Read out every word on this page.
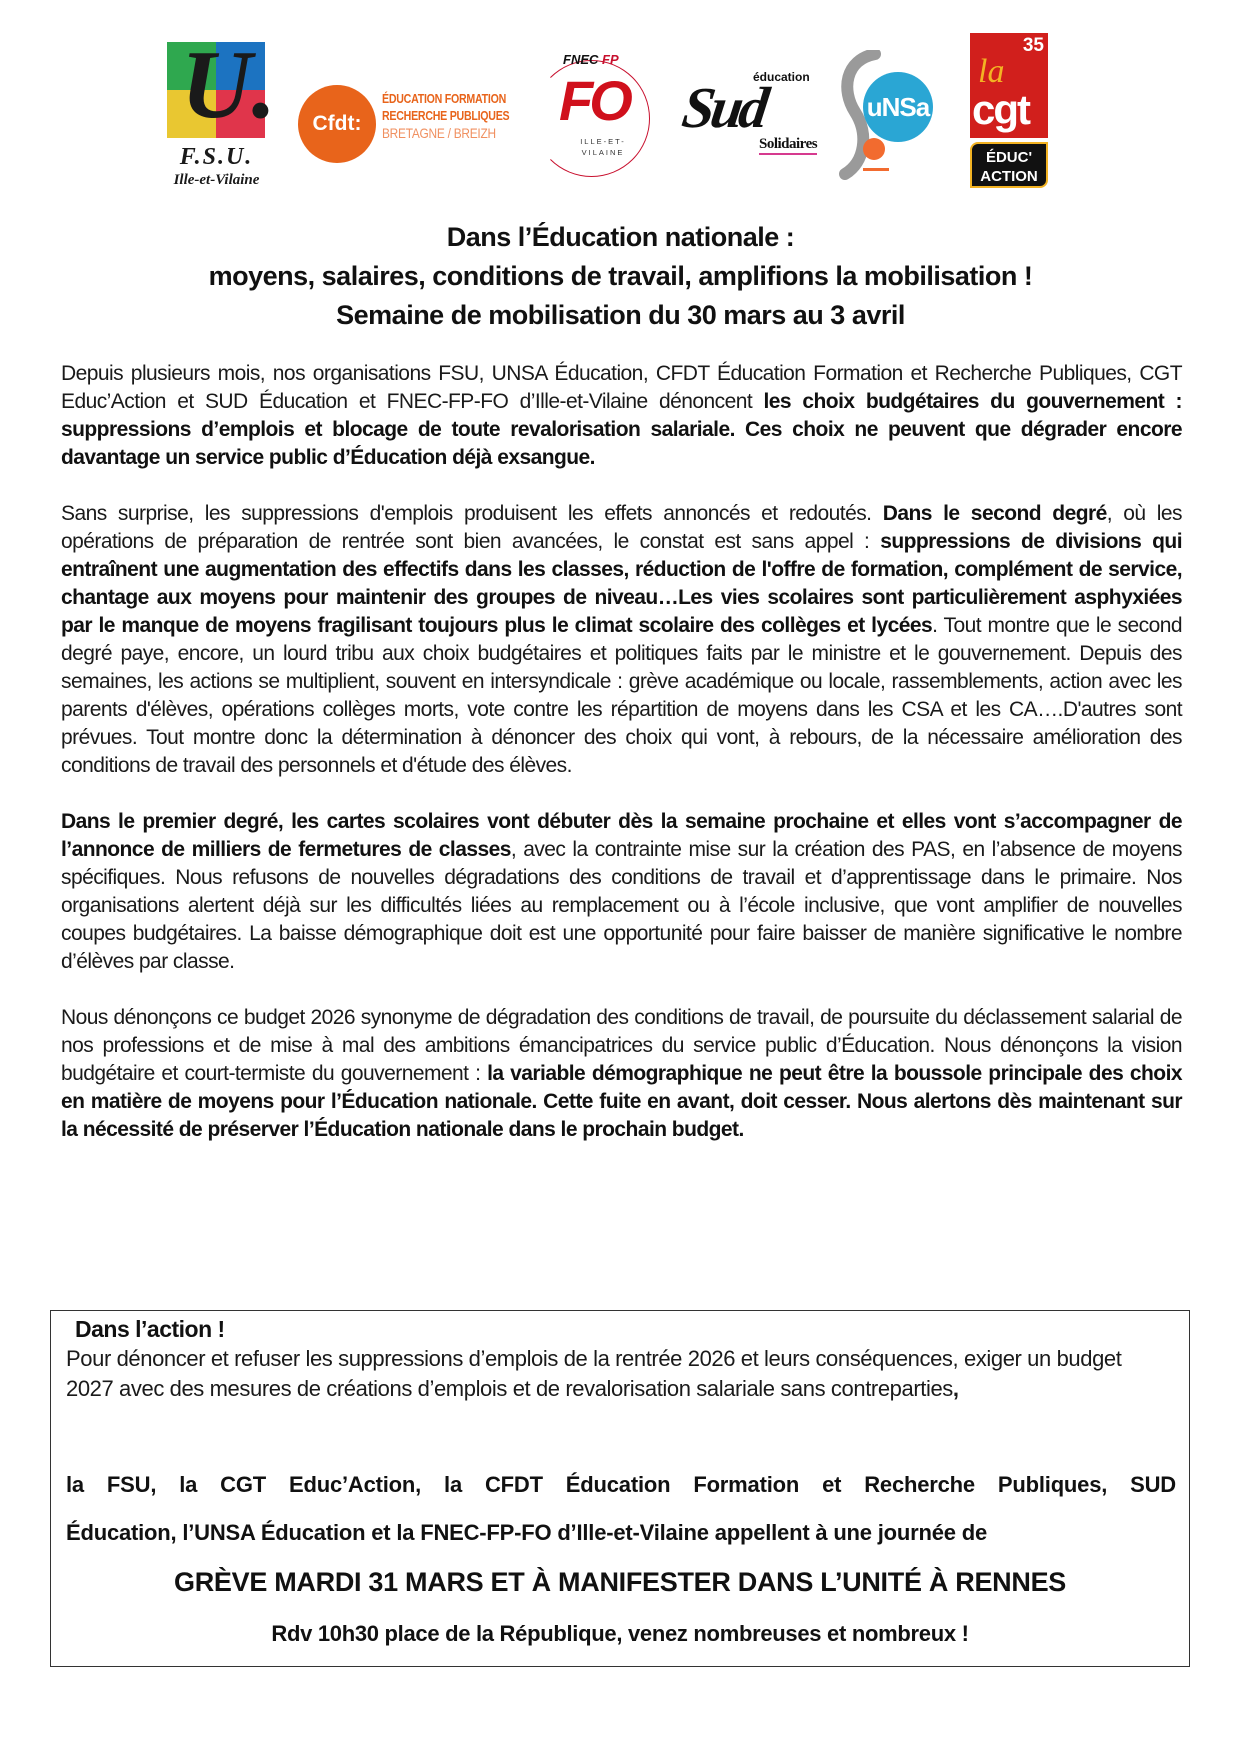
U.
F.S.U.
Ille-et-Vilaine
Cfdt:
ÉDUCATION FORMATION
RECHERCHE PUBLIQUES
BRETAGNE / BREIZH
FNEC FP
FO
ILLE-ET-
VILAINE
Sud
éducation
Solidaires
uNSa
35
la
cgt
ÉDUC'
ACTION
Dans l’Éducation nationale :
moyens, salaires, conditions de travail, amplifions la mobilisation !
Semaine de mobilisation du 30 mars au 3 avril

Depuis plusieurs mois, nos organisations FSU, UNSA Éducation, CFDT Éducation Formation et Recherche Publiques, CGT Educ’Action et SUD Éducation et FNEC-FP-FO d’Ille-et-Vilaine dénoncent les choix budgétaires du gouvernement : suppressions d’emplois et blocage de toute revalorisation salariale. Ces choix ne peuvent que dégrader encore davantage un service public d’Éducation déjà exsangue.

Sans surprise, les suppressions d'emplois produisent les effets annoncés et redoutés. Dans le second degré, où les opérations de préparation de rentrée sont bien avancées, le constat est sans appel : suppressions de divisions qui entraînent une augmentation des effectifs dans les classes, réduction de l'offre de formation, complément de service, chantage aux moyens pour maintenir des groupes de niveau…Les vies scolaires sont particulièrement asphyxiées par le manque de moyens fragilisant toujours plus le climat scolaire des collèges et lycées. Tout montre que le second degré paye, encore, un lourd tribu aux choix budgétaires et politiques faits par le ministre et le gouvernement. Depuis des semaines, les actions se multiplient, souvent en intersyndicale : grève académique ou locale, rassemblements, action avec les parents d'élèves, opérations collèges morts, vote contre les répartition de moyens dans les CSA et les CA….D'autres sont prévues. Tout montre donc la détermination à dénoncer des choix qui vont, à rebours, de la nécessaire amélioration des conditions de travail des personnels et d'étude des élèves.

Dans le premier degré, les cartes scolaires vont débuter dès la semaine prochaine et elles vont s’accompagner de l’annonce de milliers de fermetures de classes, avec la contrainte mise sur la création des PAS, en l’absence de moyens spécifiques. Nous refusons de nouvelles dégradations des conditions de travail et d’apprentissage dans le primaire. Nos organisations alertent déjà sur les difficultés liées au remplacement ou à l’école inclusive, que vont amplifier de nouvelles coupes budgétaires. La baisse démographique doit est une opportunité pour faire baisser de manière significative le nombre d’élèves par classe.

Nous dénonçons ce budget 2026 synonyme de dégradation des conditions de travail, de poursuite du déclassement salarial de nos professions et de mise à mal des ambitions émancipatrices du service public d’Éducation. Nous dénonçons la vision budgétaire et court-termiste du gouvernement : la variable démographique ne peut être la boussole principale des choix en matière de moyens pour l’Éducation nationale. Cette fuite en avant, doit cesser. Nous alertons dès maintenant sur la nécessité de préserver l’Éducation nationale dans le prochain budget.

Dans l’action !
Pour dénoncer et refuser les suppressions d’emplois de la rentrée 2026 et leurs conséquences, exiger un budget 2027 avec des mesures de créations d’emplois et de revalorisation salariale sans contreparties,
la FSU, la CGT Educ’Action, la CFDT Éducation Formation et Recherche Publiques, SUD
Éducation, l’UNSA Éducation et la FNEC-FP-FO d’Ille-et-Vilaine appellent à une journée de
GRÈVE MARDI 31 MARS ET À MANIFESTER DANS L’UNITÉ À RENNES
Rdv 10h30 place de la République, venez nombreuses et nombreux !
